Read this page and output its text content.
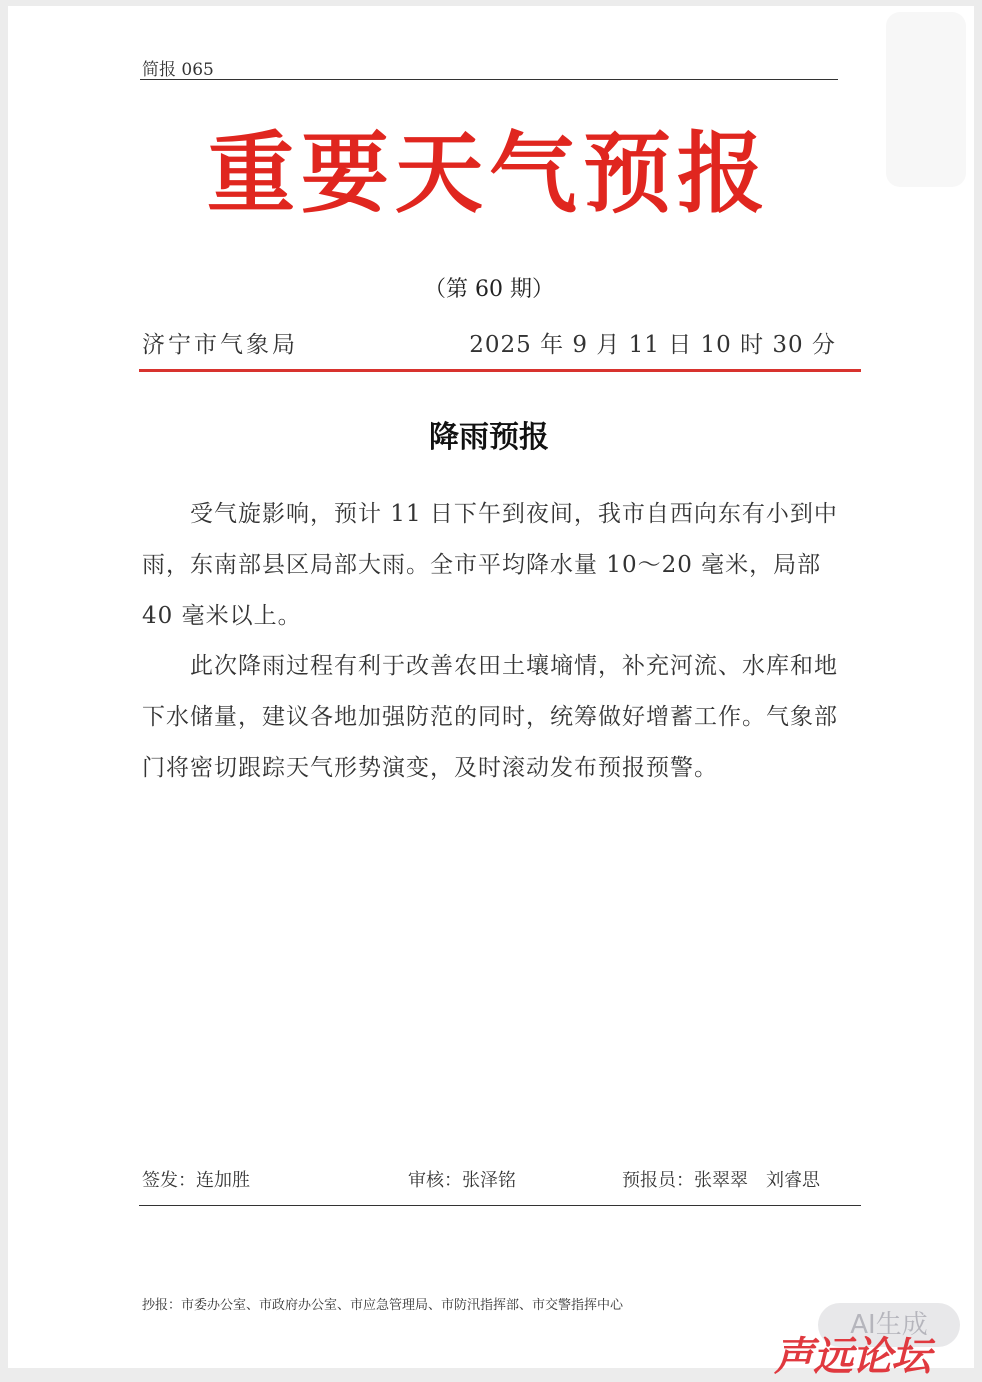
简报 065
重要天气预报
（第 60 期）
济宁市气象局	2025 年 9 月 11 日 10 时 30 分
降雨预报

受气旋影响，预计 11 日下午到夜间，我市自西向东有小到中雨，东南部县区局部大雨。全市平均降水量 10～20 毫米，局部 40 毫米以上。

此次降雨过程有利于改善农田土壤墒情，补充河流、水库和地下水储量，建议各地加强防范的同时，统筹做好增蓄工作。气象部门将密切跟踪天气形势演变，及时滚动发布预报预警。

签发：连加胜	审核：张泽铭	预报员：张翠翠　刘睿思
抄报：市委办公室、市政府办公室、市应急管理局、市防汛指挥部、市交警指挥中心
AI生成
声远论坛
